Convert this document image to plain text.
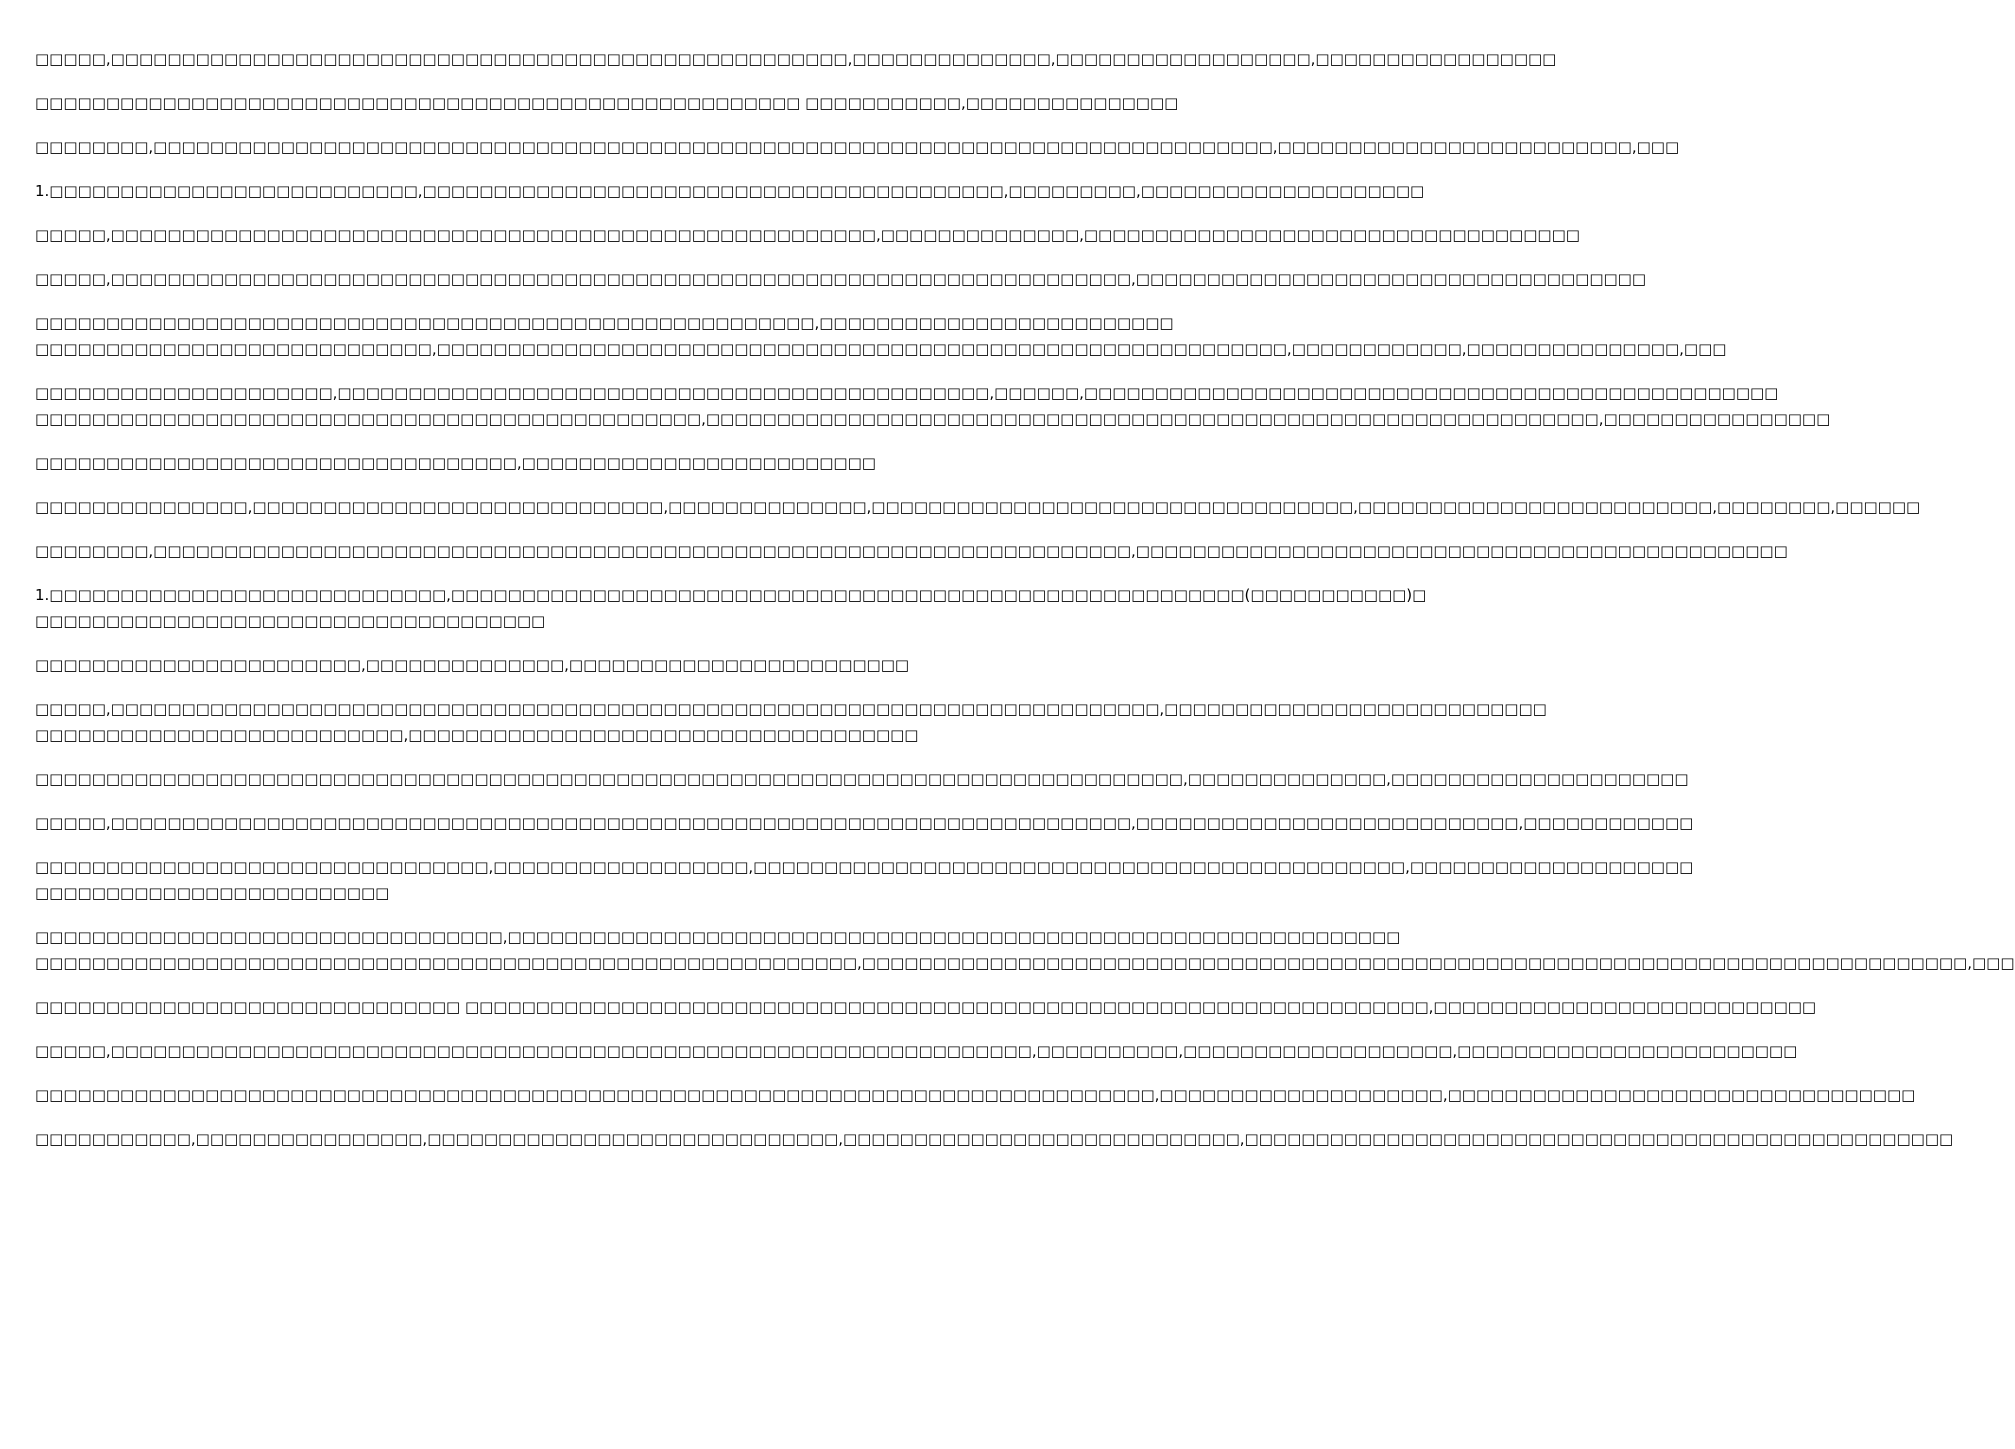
□□□□□,□□□□□□□□□□□□□□□□□□□□□□□□□□□□□□□□□□□□□□□□□□□□□□□□□□□□,□□□□□□□□□□□□□□,□□□□□□□□□□□□□□□□□□,□□□□□□□□□□□□□□□□□
□□□□□□□□□□□□□□□□□□□□□□□□□□□□□□□□□□□□□□□□□□□□□□□□□□□□□□ □□□□□□□□□□□,□□□□□□□□□□□□□□□
□□□□□□□□,□□□□□□□□□□□□□□□□□□□□□□□□□□□□□□□□□□□□□□□□□□□□□□□□□□□□□□□□□□□□□□□□□□□□□□□□□□□□□□□,□□□□□□□□□□□□□□□□□□□□□□□□□,□□□
1.□□□□□□□□□□□□□□□□□□□□□□□□□□,□□□□□□□□□□□□□□□□□□□□□□□□□□□□□□□□□□□□□□□□□,□□□□□□□□□,□□□□□□□□□□□□□□□□□□□□
□□□□□,□□□□□□□□□□□□□□□□□□□□□□□□□□□□□□□□□□□□□□□□□□□□□□□□□□□□□□,□□□□□□□□□□□□□□,□□□□□□□□□□□□□□□□□□□□□□□□□□□□□□□□□□□
□□□□□,□□□□□□□□□□□□□□□□□□□□□□□□□□□□□□□□□□□□□□□□□□□□□□□□□□□□□□□□□□□□□□□□□□□□□□□□,□□□□□□□□□□□□□□□□□□□□□□□□□□□□□□□□□□□□
□□□□□□□□□□□□□□□□□□□□□□□□□□□□□□□□□□□□□□□□□□□□□□□□□□□□□□□,□□□□□□□□□□□□□□□□□□□□□□□□□
□□□□□□□□□□□□□□□□□□□□□□□□□□□□,□□□□□□□□□□□□□□□□□□□□□□□□□□□□□□□□□□□□□□□□□□□□□□□□□□□□□□□□□□□□,□□□□□□□□□□□□,□□□□□□□□□□□□□□□,□□□
□□□□□□□□□□□□□□□□□□□□□,□□□□□□□□□□□□□□□□□□□□□□□□□□□□□□□□□□□□□□□□□□□□□□,□□□□□□,□□□□□□□□□□□□□□□□□□□□□□□□□□□□□□□□□□□□□□□□□□□□□□□□□
□□□□□□□□□□□□□□□□□□□□□□□□□□□□□□□□□□□□□□□□□□□□□□□,□□□□□□□□□□□□□□□□□□□□□□□□□□□□□□□□□□□□□□□□□□□□□□□□□□□□□□□□□□□□□□□,□□□□□□□□□□□□□□□□
□□□□□□□□□□□□□□□□□□□□□□□□□□□□□□□□□□,□□□□□□□□□□□□□□□□□□□□□□□□□
□□□□□□□□□□□□□□□,□□□□□□□□□□□□□□□□□□□□□□□□□□□□□,□□□□□□□□□□□□□□,□□□□□□□□□□□□□□□□□□□□□□□□□□□□□□□□□□,□□□□□□□□□□□□□□□□□□□□□□□□□,□□□□□□□□,□□□□□□
□□□□□□□□,□□□□□□□□□□□□□□□□□□□□□□□□□□□□□□□□□□□□□□□□□□□□□□□□□□□□□□□□□□□□□□□□□□□□□,□□□□□□□□□□□□□□□□□□□□□□□□□□□□□□□□□□□□□□□□□□□□□□
1.□□□□□□□□□□□□□□□□□□□□□□□□□□□□,□□□□□□□□□□□□□□□□□□□□□□□□□□□□□□□□□□□□□□□□□□□□□□□□□□□□□□□□(□□□□□□□□□□□)□
□□□□□□□□□□□□□□□□□□□□□□□□□□□□□□□□□□□□
□□□□□□□□□□□□□□□□□□□□□□□,□□□□□□□□□□□□□□,□□□□□□□□□□□□□□□□□□□□□□□□
□□□□□,□□□□□□□□□□□□□□□□□□□□□□□□□□□□□□□□□□□□□□□□□□□□□□□□□□□□□□□□□□□□□□□□□□□□□□□□□□,□□□□□□□□□□□□□□□□□□□□□□□□□□□
□□□□□□□□□□□□□□□□□□□□□□□□□□,□□□□□□□□□□□□□□□□□□□□□□□□□□□□□□□□□□□□
□□□□□□□□□□□□□□□□□□□□□□□□□□□□□□□□□□□□□□□□□□□□□□□□□□□□□□□□□□□□□□□□□□□□□□□□□□□□□□□□□,□□□□□□□□□□□□□□,□□□□□□□□□□□□□□□□□□□□□
□□□□□,□□□□□□□□□□□□□□□□□□□□□□□□□□□□□□□□□□□□□□□□□□□□□□□□□□□□□□□□□□□□□□□□□□□□□□□□,□□□□□□□□□□□□□□□□□□□□□□□□□□□,□□□□□□□□□□□□
□□□□□□□□□□□□□□□□□□□□□□□□□□□□□□□□,□□□□□□□□□□□□□□□□□□,□□□□□□□□□□□□□□□□□□□□□□□□□□□□□□□□□□□□□□□□□□□□□□,□□□□□□□□□□□□□□□□□□□□
□□□□□□□□□□□□□□□□□□□□□□□□□
□□□□□□□□□□□□□□□□□□□□□□□□□□□□□□□□□,□□□□□□□□□□□□□□□□□□□□□□□□□□□□□□□□□□□□□□□□□□□□□□□□□□□□□□□□□□□□□□□
□□□□□□□□□□□□□□□□□□□□□□□□□□□□□□□□□□□□□□□□□□□□□□□□□□□□□□□□□□,□□□□□□□□□□□□□□□□□□□□□□□□□□□□□□□□□□□□□□□□□□□□□□□□□□□□□□□□□□□□□□□□□□□□□□□□□□□□□□,□□□
□□□□□□□□□□□□□□□□□□□□□□□□□□□□□□ □□□□□□□□□□□□□□□□□□□□□□□□□□□□□□□□□□□□□□□□□□□□□□□□□□□□□□□□□□□□□□□□□□□□,□□□□□□□□□□□□□□□□□□□□□□□□□□□
□□□□□,□□□□□□□□□□□□□□□□□□□□□□□□□□□□□□□□□□□□□□□□□□□□□□□□□□□□□□□□□□□□□□□□□,□□□□□□□□□□,□□□□□□□□□□□□□□□□□□□,□□□□□□□□□□□□□□□□□□□□□□□□
□□□□□□□□□□□□□□□□□□□□□□□□□□□□□□□□□□□□□□□□□□□□□□□□□□□□□□□□□□□□□□□□□□□□□□□□□□□□□□□,□□□□□□□□□□□□□□□□□□□□,□□□□□□□□□□□□□□□□□□□□□□□□□□□□□□□□□
□□□□□□□□□□□,□□□□□□□□□□□□□□□□,□□□□□□□□□□□□□□□□□□□□□□□□□□□□□,□□□□□□□□□□□□□□□□□□□□□□□□□□□□,□□□□□□□□□□□□□□□□□□□□□□□□□□□□□□□□□□□□□□□□□□□□□□□□□□
